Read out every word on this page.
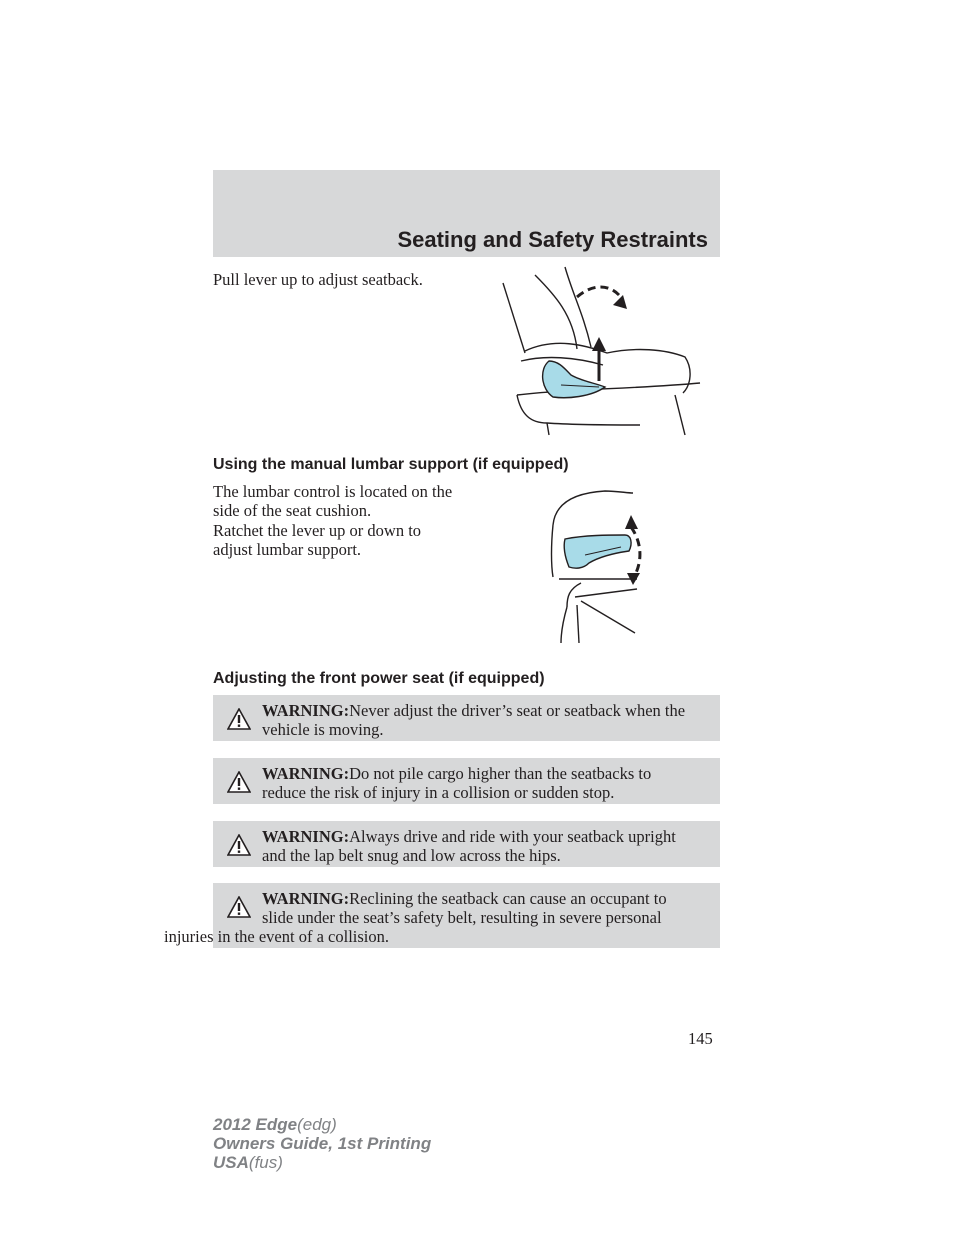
Seating and Safety Restraints

Pull lever up to adjust seatback.

Using the manual lumbar support (if equipped)

The lumbar control is located on the
side of the seat cushion.

Ratchet the lever up or down to
adjust lumbar support.

Adjusting the front power seat (if equipped)

WARNING:Never adjust the driver’s seat or seatback when the
vehicle is moving.

WARNING:Do not pile cargo higher than the seatbacks to
reduce the risk of injury in a collision or sudden stop.

WARNING:Always drive and ride with your seatback upright
and the lap belt snug and low across the hips.

WARNING:Reclining the seatback can cause an occupant to
slide under the seat’s safety belt, resulting in severe personal
injuries in the event of a collision.

145
2012 Edge(edg)
Owners Guide, 1st Printing
USA(fus)
